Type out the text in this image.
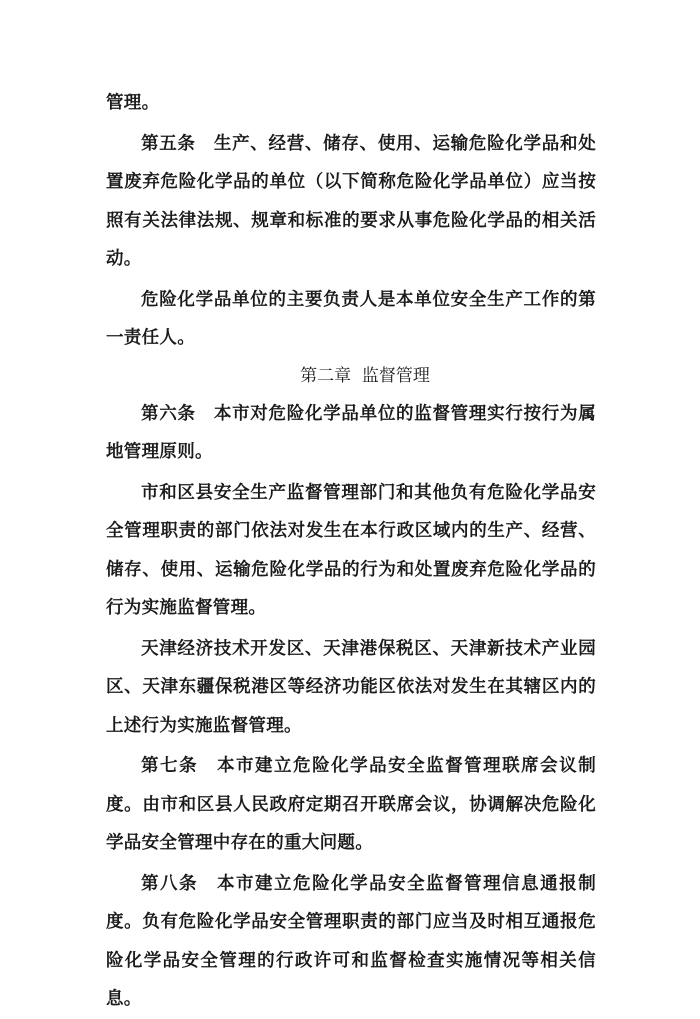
管理。

第五条　生产、经营、储存、使用、运输危险化学品和处置废弃危险化学品的单位（以下简称危险化学品单位）应当按照有关法律法规、规章和标准的要求从事危险化学品的相关活动。

危险化学品单位的主要负责人是本单位安全生产工作的第一责任人。

第二章  监督管理

第六条　本市对危险化学品单位的监督管理实行按行为属地管理原则。

市和区县安全生产监督管理部门和其他负有危险化学品安全管理职责的部门依法对发生在本行政区域内的生产、经营、储存、使用、运输危险化学品的行为和处置废弃危险化学品的行为实施监督管理。

天津经济技术开发区、天津港保税区、天津新技术产业园区、天津东疆保税港区等经济功能区依法对发生在其辖区内的上述行为实施监督管理。

第七条　本市建立危险化学品安全监督管理联席会议制度。由市和区县人民政府定期召开联席会议，协调解决危险化学品安全管理中存在的重大问题。

第八条　本市建立危险化学品安全监督管理信息通报制度。负有危险化学品安全管理职责的部门应当及时相互通报危险化学品安全管理的行政许可和监督检查实施情况等相关信息。
